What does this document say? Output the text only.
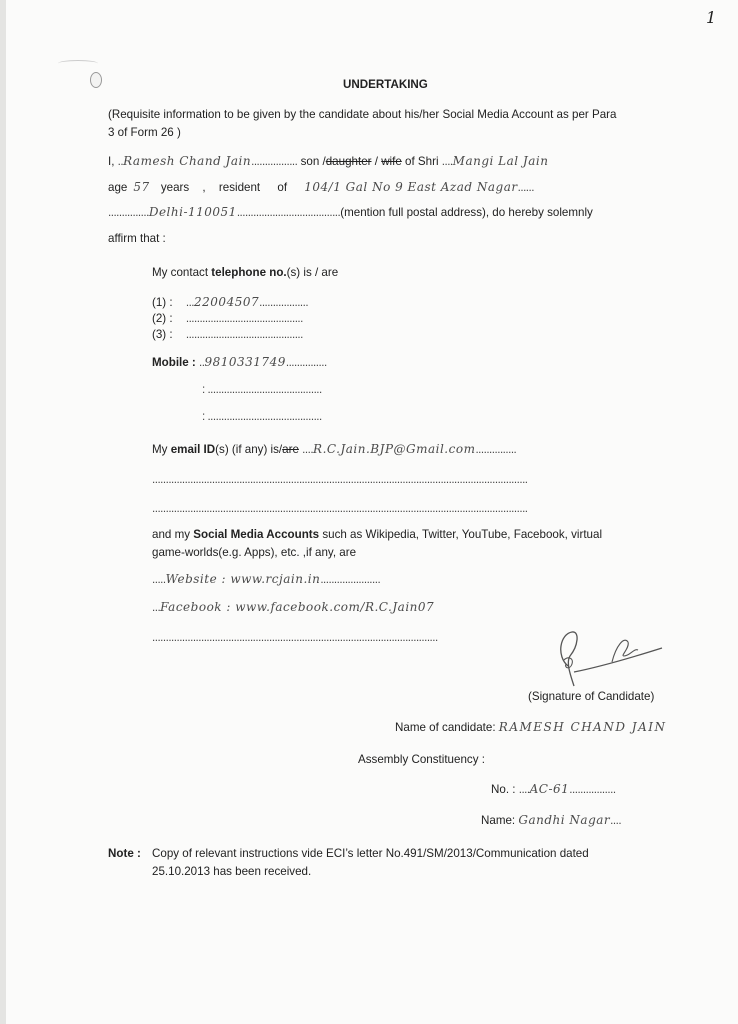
1
UNDERTAKING
(Requisite information to be given by the candidate about his/her Social Media Account as per Para
3 of Form 26 )
I, ..Ramesh Chand Jain................. son /daughter / wife of Shri ....Mangi Lal Jain
age 57 years , resident of 104/1 Gal No 9 East Azad Nagar......
...............Delhi-110051......................................(mention full postal address), do hereby solemnly
affirm that :
My contact telephone no.(s) is / are
(1) : ...22004507..................
(2) : ...........................................
(3) : ...........................................
Mobile : ..9810331749...............
: ..........................................
: ..........................................
My email ID(s) (if any) is/are ....R.C.Jain.BJP@Gmail.com...............
..........................................................................................................................................
..........................................................................................................................................
and my Social Media Accounts such as Wikipedia, Twitter, YouTube, Facebook, virtual
game-worlds(e.g. Apps), etc. ,if any, are
.....Website : www.rcjain.in......................
...Facebook : www.facebook.com/R.C.Jain07
.........................................................................................................
(Signature of Candidate)
Name of candidate: RAMESH CHAND JAIN
Assembly Constituency :
No. : ....AC-61.................
Name: Gandhi Nagar....
Note : Copy of relevant instructions vide ECI’s letter No.491/SM/2013/Communication dated
25.10.2013 has been received.
